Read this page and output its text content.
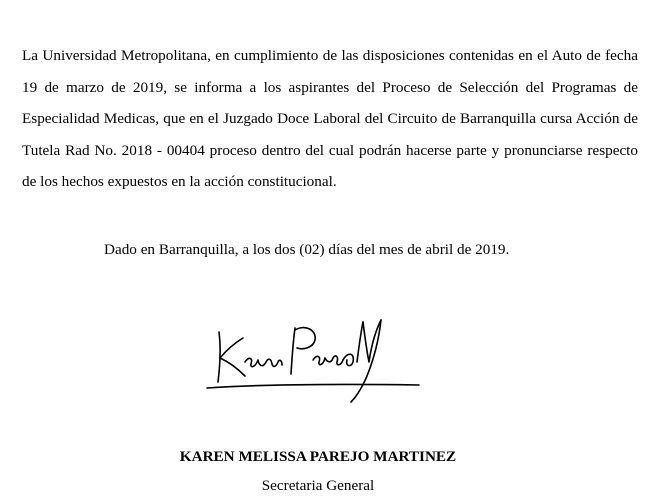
La Universidad Metropolitana, en cumplimiento de las disposiciones contenidas en el Auto de fecha 19 de marzo de 2019, se informa a los aspirantes del Proceso de Selección del Programas de Especialidad Medicas, que en el Juzgado Doce Laboral del Circuito de Barranquilla cursa Acción de Tutela Rad No. 2018 - 00404 proceso dentro del cual podrán hacerse parte y pronunciarse respecto de los hechos expuestos en la acción constitucional.

Dado en Barranquilla, a los dos (02) días del mes de abril de 2019.

KAREN MELISSA PAREJO MARTINEZ

Secretaria General
